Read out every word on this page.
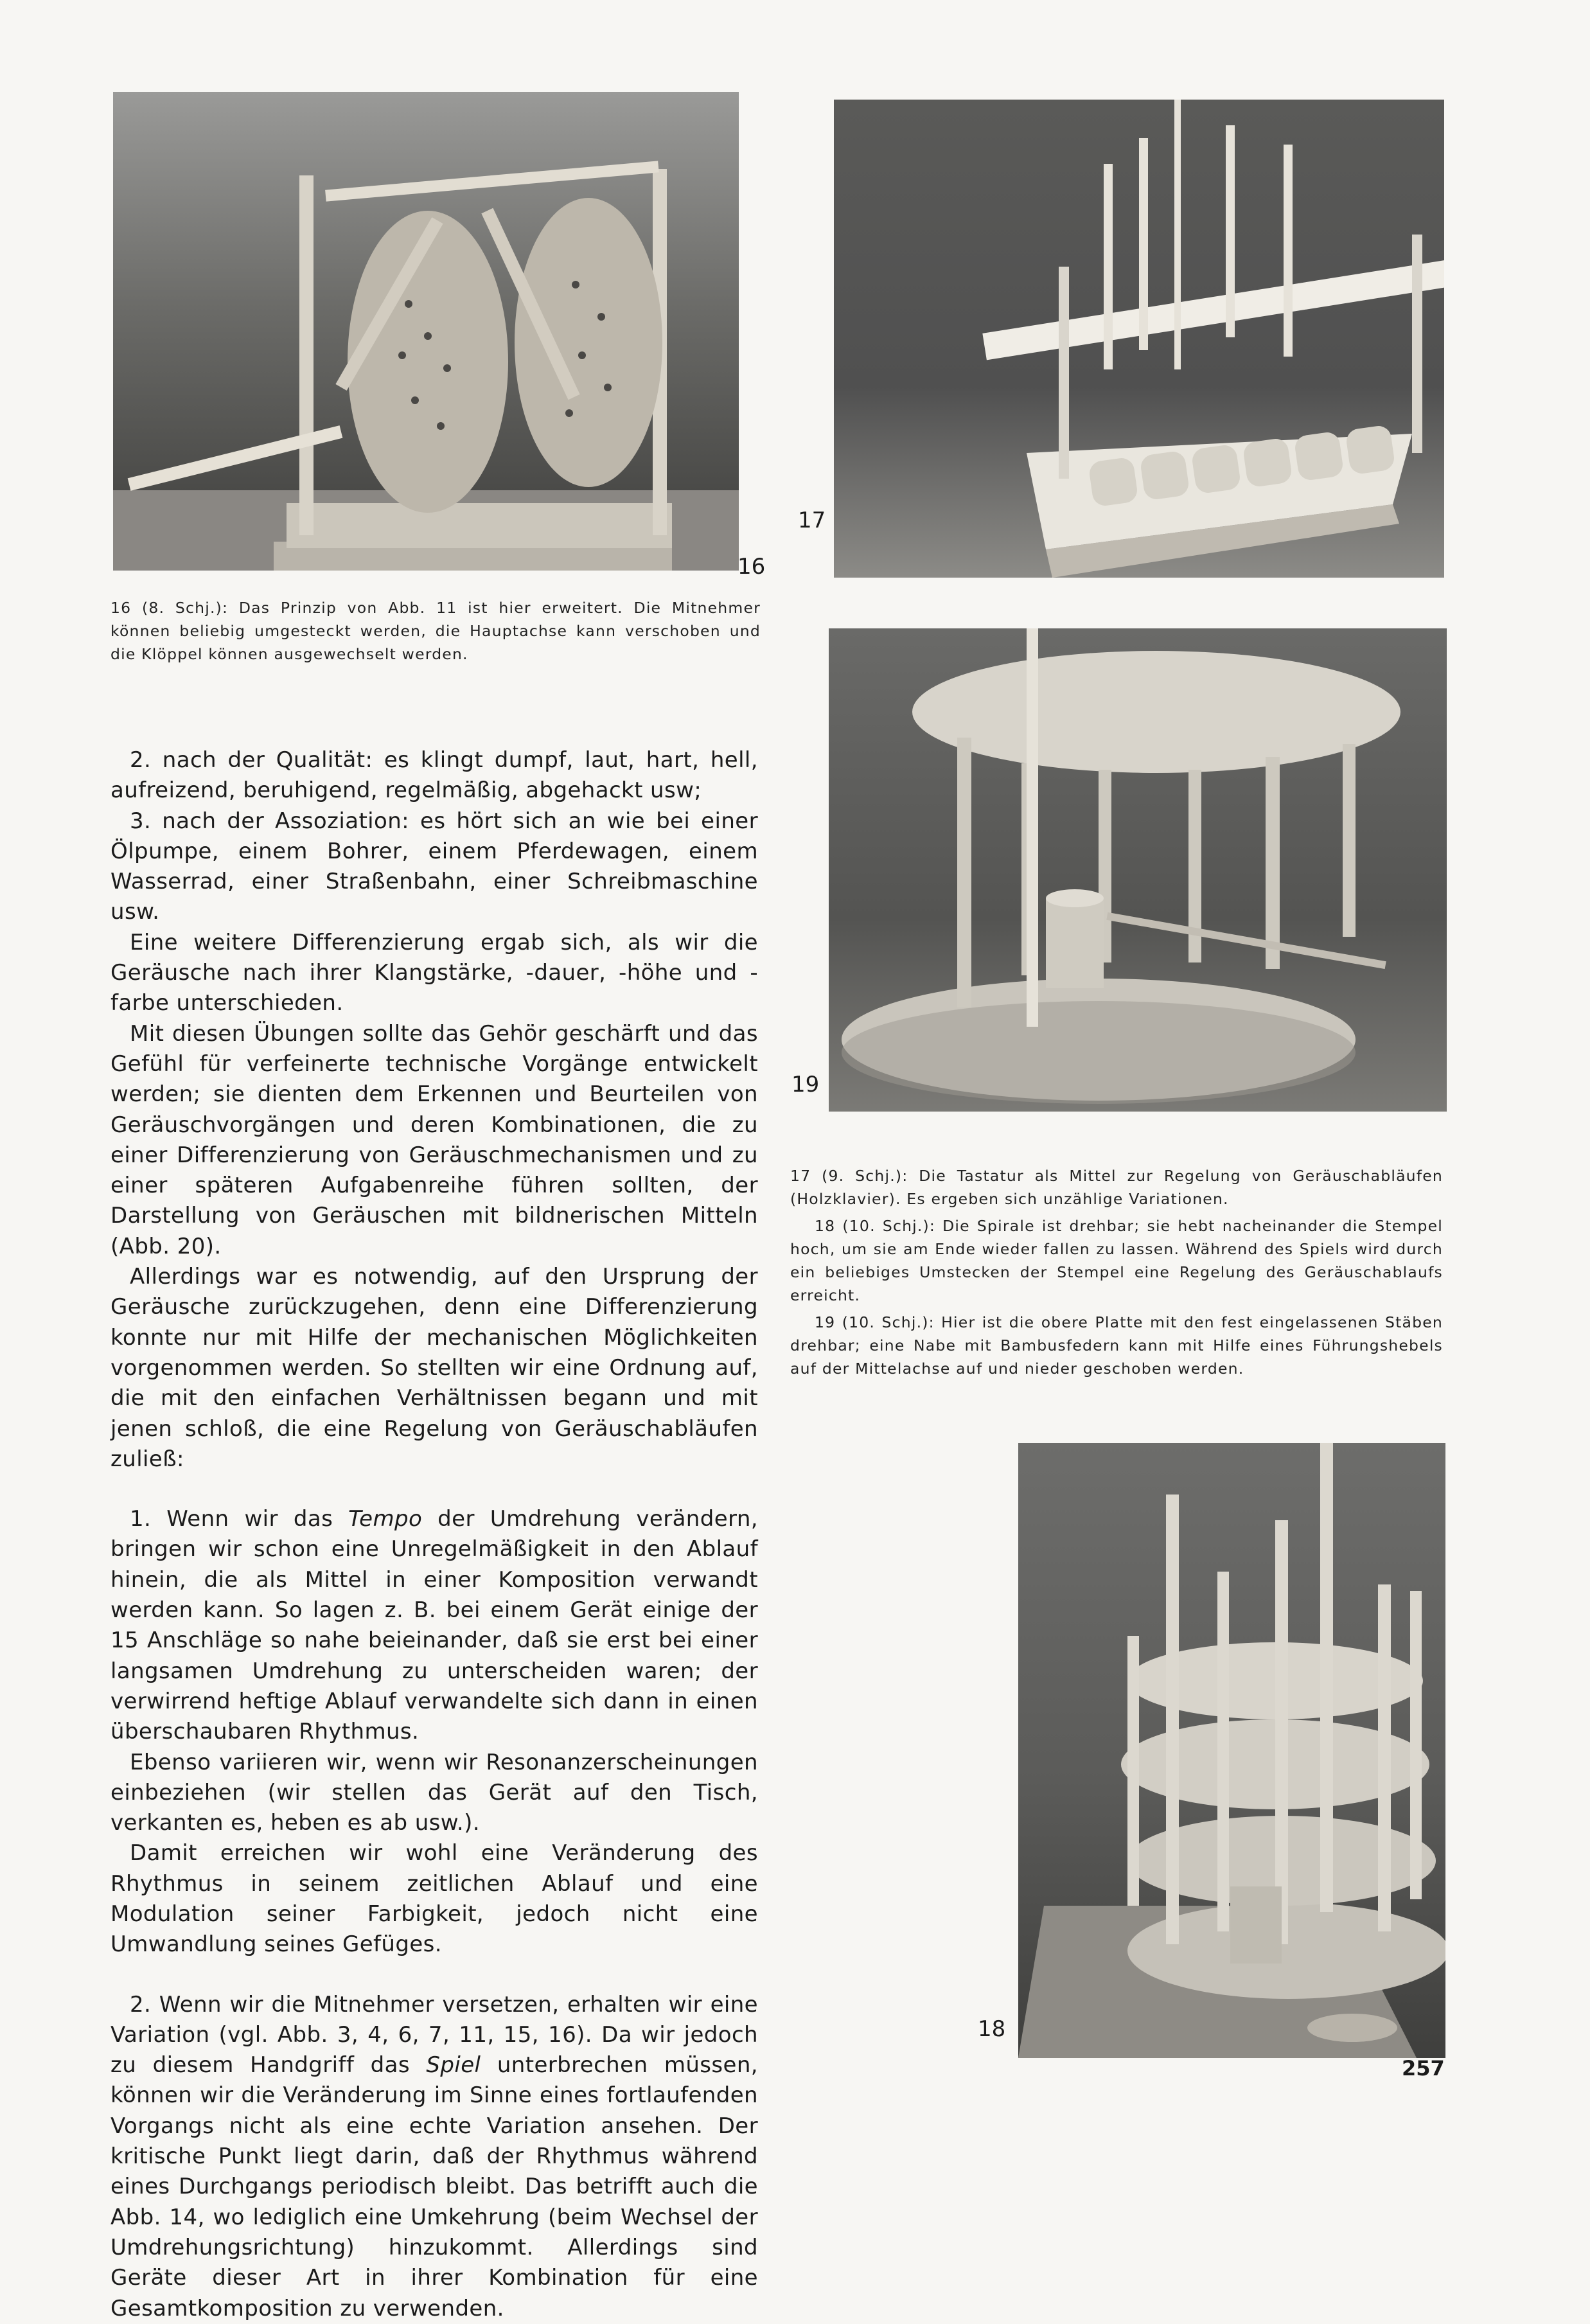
16
17

16 (8. Schj.): Das Prinzip von Abb. 11 ist hier erweitert. Die Mitnehmer können beliebig umgesteckt werden, die Hauptachse kann verschoben und die Klöppel können ausgewechselt werden.

19

17 (9. Schj.): Die Tastatur als Mittel zur Regelung von Geräuschabläufen (Holzklavier). Es ergeben sich unzählige Variationen.

18 (10. Schj.): Die Spirale ist drehbar; sie hebt nacheinander die Stempel hoch, um sie am Ende wieder fallen zu lassen. Während des Spiels wird durch ein beliebiges Umstecken der Stempel eine Regelung des Geräuschablaufs erreicht.

19 (10. Schj.): Hier ist die obere Platte mit den fest eingelassenen Stäben drehbar; eine Nabe mit Bambusfedern kann mit Hilfe eines Führungshebels auf der Mittelachse auf und nieder geschoben werden.

18

2. nach der Qualität: es klingt dumpf, laut, hart, hell, aufreizend, beruhigend, regelmäßig, abgehackt usw;

3. nach der Assoziation: es hört sich an wie bei einer Ölpumpe, einem Bohrer, einem Pferdewagen, einem Wasserrad, einer Straßenbahn, einer Schreibmaschine usw.

Eine weitere Differenzierung ergab sich, als wir die Geräusche nach ihrer Klangstärke, -dauer, -höhe und -farbe unterschieden.

Mit diesen Übungen sollte das Gehör geschärft und das Gefühl für verfeinerte technische Vorgänge entwickelt werden; sie dienten dem Erkennen und Beurteilen von Geräuschvorgängen und deren Kombinationen, die zu einer Differenzierung von Geräuschmechanismen und zu einer späteren Aufgabenreihe führen sollten, der Darstellung von Geräuschen mit bildnerischen Mitteln (Abb. 20).

Allerdings war es notwendig, auf den Ursprung der Geräusche zurückzugehen, denn eine Differenzierung konnte nur mit Hilfe der mechanischen Möglichkeiten vorgenommen werden. So stellten wir eine Ordnung auf, die mit den einfachen Verhältnissen begann und mit jenen schloß, die eine Regelung von Geräuschabläufen zuließ:

1. Wenn wir das Tempo der Umdrehung verändern, bringen wir schon eine Unregelmäßigkeit in den Ablauf hinein, die als Mittel in einer Komposition verwandt werden kann. So lagen z. B. bei einem Gerät einige der 15 Anschläge so nahe beieinander, daß sie erst bei einer langsamen Umdrehung zu unterscheiden waren; der verwirrend heftige Ablauf verwandelte sich dann in einen überschaubaren Rhythmus.

Ebenso variieren wir, wenn wir Resonanzerscheinungen einbeziehen (wir stellen das Gerät auf den Tisch, verkanten es, heben es ab usw.).

Damit erreichen wir wohl eine Veränderung des Rhythmus in seinem zeitlichen Ablauf und eine Modulation seiner Farbigkeit, jedoch nicht eine Umwandlung seines Gefüges.

2. Wenn wir die Mitnehmer versetzen, erhalten wir eine Variation (vgl. Abb. 3, 4, 6, 7, 11, 15, 16). Da wir jedoch zu diesem Handgriff das Spiel unterbrechen müssen, können wir die Veränderung im Sinne eines fortlaufenden Vorgangs nicht als eine echte Variation ansehen. Der kritische Punkt liegt darin, daß der Rhythmus während eines Durchgangs periodisch bleibt. Das betrifft auch die Abb. 14, wo lediglich eine Umkehrung (beim Wechsel der Umdrehungsrichtung) hinzukommt. Allerdings sind Geräte dieser Art in ihrer Kombination für eine Gesamtkomposition zu verwenden.

257
